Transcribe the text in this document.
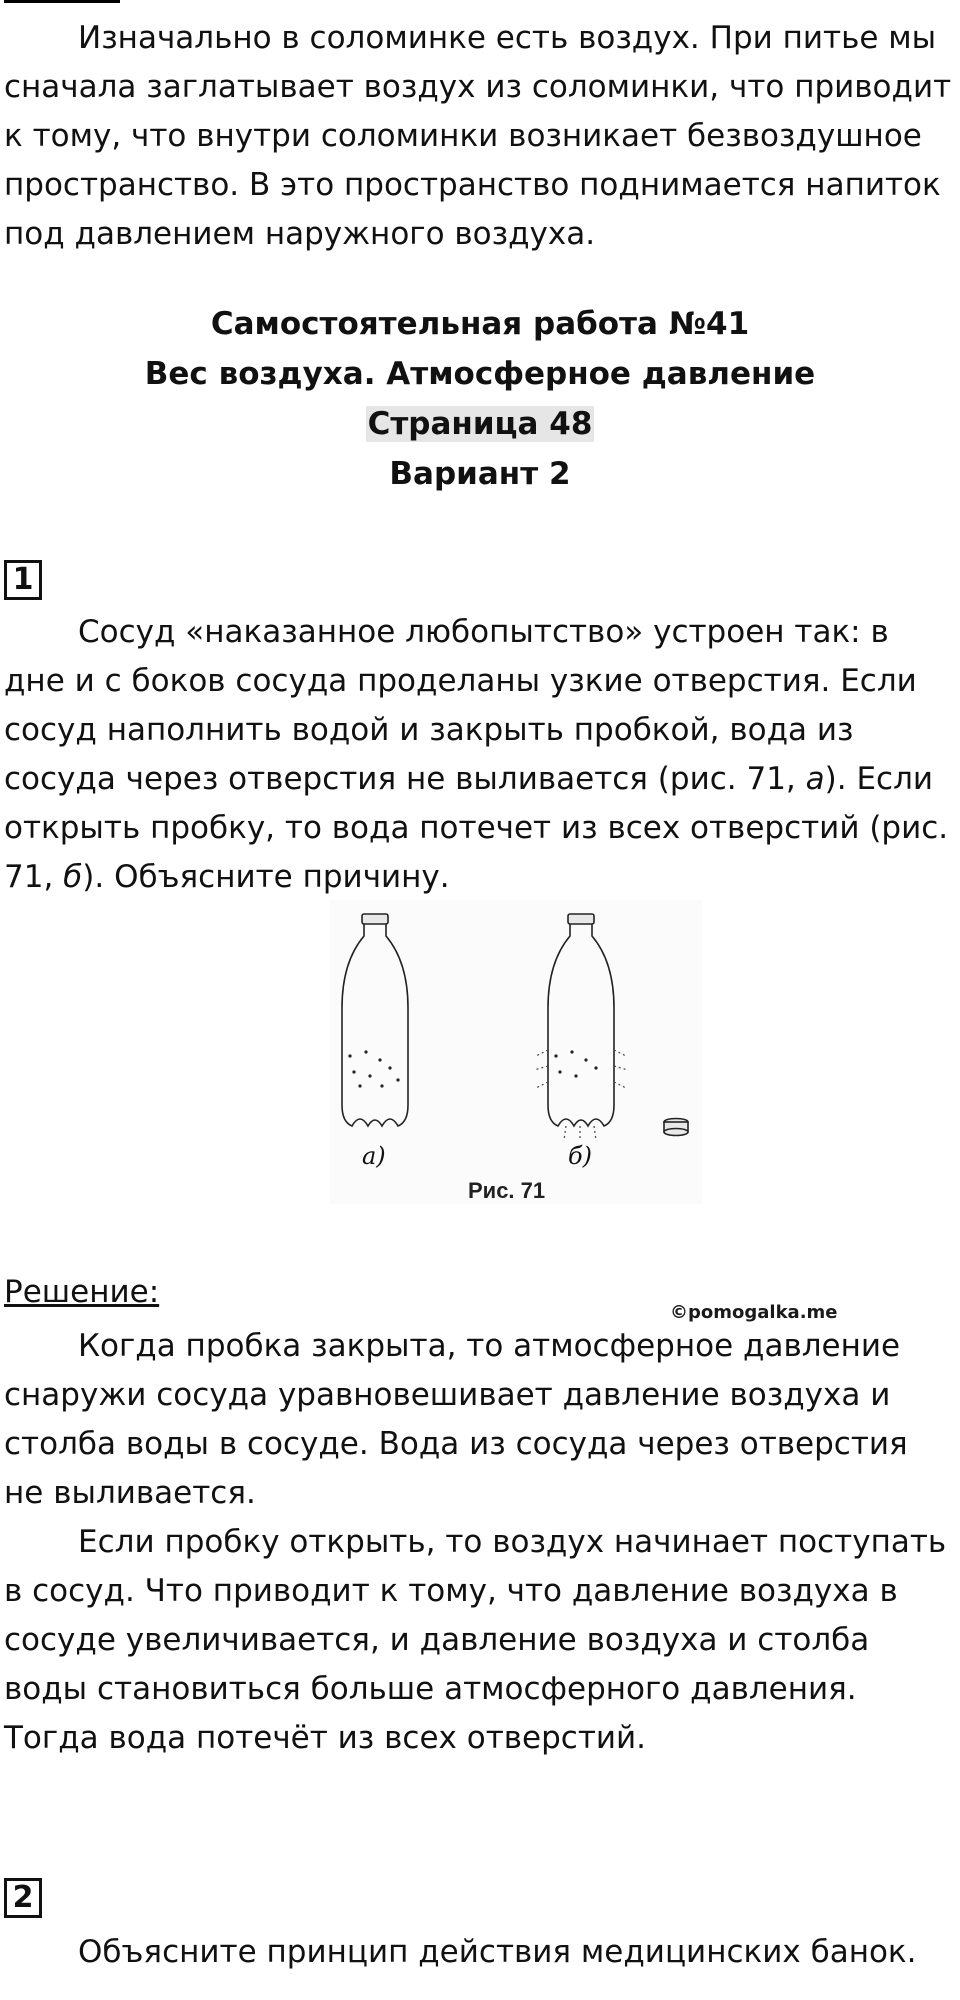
Изначально в соломинке есть воздух. При питье мы сначала заглатывает воздух из соломинки, что приводит к тому, что внутри соломинки возникает безвоздушное пространство. В это пространство поднимается напиток под давлением наружного воздуха.

Самостоятельная работа №41
Вес воздуха. Атмосферное давление
Страница 48
Вариант 2
1

Сосуд «наказанное любопытство» устроен так: в дне и с боков сосуда проделаны узкие отверстия. Если сосуд наполнить водой и закрыть пробкой, вода из сосуда через отверстия не выливается (рис. 71, а). Если открыть пробку, то вода потечет из всех отверстий (рис. 71, б). Объясните причину.

а)	б)
Рис. 71
Решение:
©pomogalka.me

Когда пробка закрыта, то атмосферное давление снаружи сосуда уравновешивает давление воздуха и столба воды в сосуде. Вода из сосуда через отверстия не выливается.

Если пробку открыть, то воздух начинает поступать в сосуд. Что приводит к тому, что давление воздуха в сосуде увеличивается, и давление воздуха и столба воды становиться больше атмосферного давления. Тогда вода потечёт из всех отверстий.

2

Объясните принцип действия медицинских банок.
